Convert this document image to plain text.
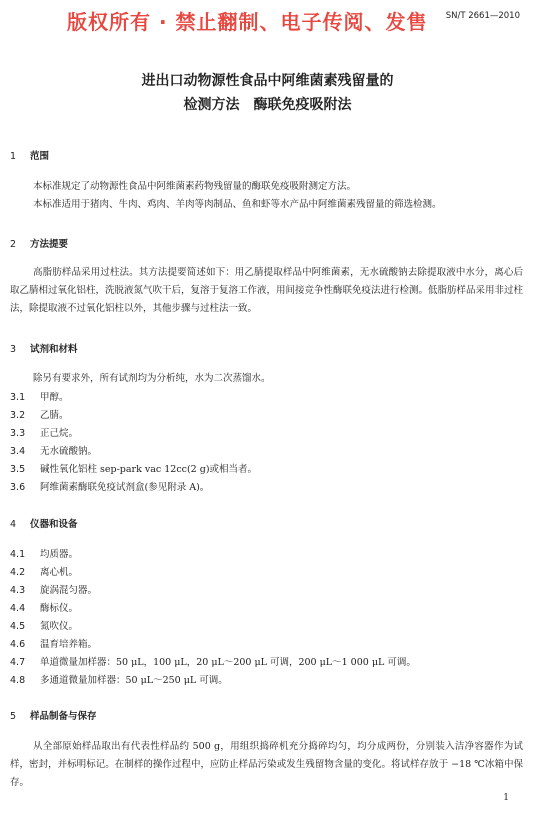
版权所有 · 禁止翻制、电子传阅、发售 SN/T 2661—2010
进出口动物源性食品中阿维菌素残留量的
检测方法　酶联免疫吸附法
1 范围
本标准规定了动物源性食品中阿维菌素药物残留量的酶联免疫吸附测定方法。
本标准适用于猪肉、牛肉、鸡肉、羊肉等肉制品、鱼和虾等水产品中阿维菌素残留量的筛选检测。
2 方法提要
高脂肪样品采用过柱法。其方法提要简述如下：用乙腈提取样品中阿维菌素，无水硫酸钠去除提取液中水分，离心后取乙腈相过氧化铝柱，洗脱液氮气吹干后，复溶于复溶工作液，用间接竞争性酶联免疫法进行检测。低脂肪样品采用非过柱法，除提取液不过氧化铝柱以外，其他步骤与过柱法一致。
3 试剂和材料
除另有要求外，所有试剂均为分析纯，水为二次蒸馏水。
3.1 甲醇。
3.2 乙腈。
3.3 正己烷。
3.4 无水硫酸钠。
3.5 碱性氧化铝柱 sep-park vac 12cc(2 g)或相当者。
3.6 阿维菌素酶联免疫试剂盒(参见附录 A)。
4 仪器和设备
4.1 均质器。
4.2 离心机。
4.3 旋涡混匀器。
4.4 酶标仪。
4.5 氮吹仪。
4.6 温育培养箱。
4.7 单道微量加样器：50 μL，100 μL，20 μL～200 μL 可调，200 μL～1 000 μL 可调。
4.8 多通道微量加样器：50 μL～250 μL 可调。
5 样品制备与保存
从全部原始样品取出有代表性样品约 500 g，用组织捣碎机充分捣碎均匀，均分成两份，分别装入洁净容器作为试样，密封，并标明标记。在制样的操作过程中，应防止样品污染或发生残留物含量的变化。将试样存放于 −18 ℃冰箱中保存。
1
